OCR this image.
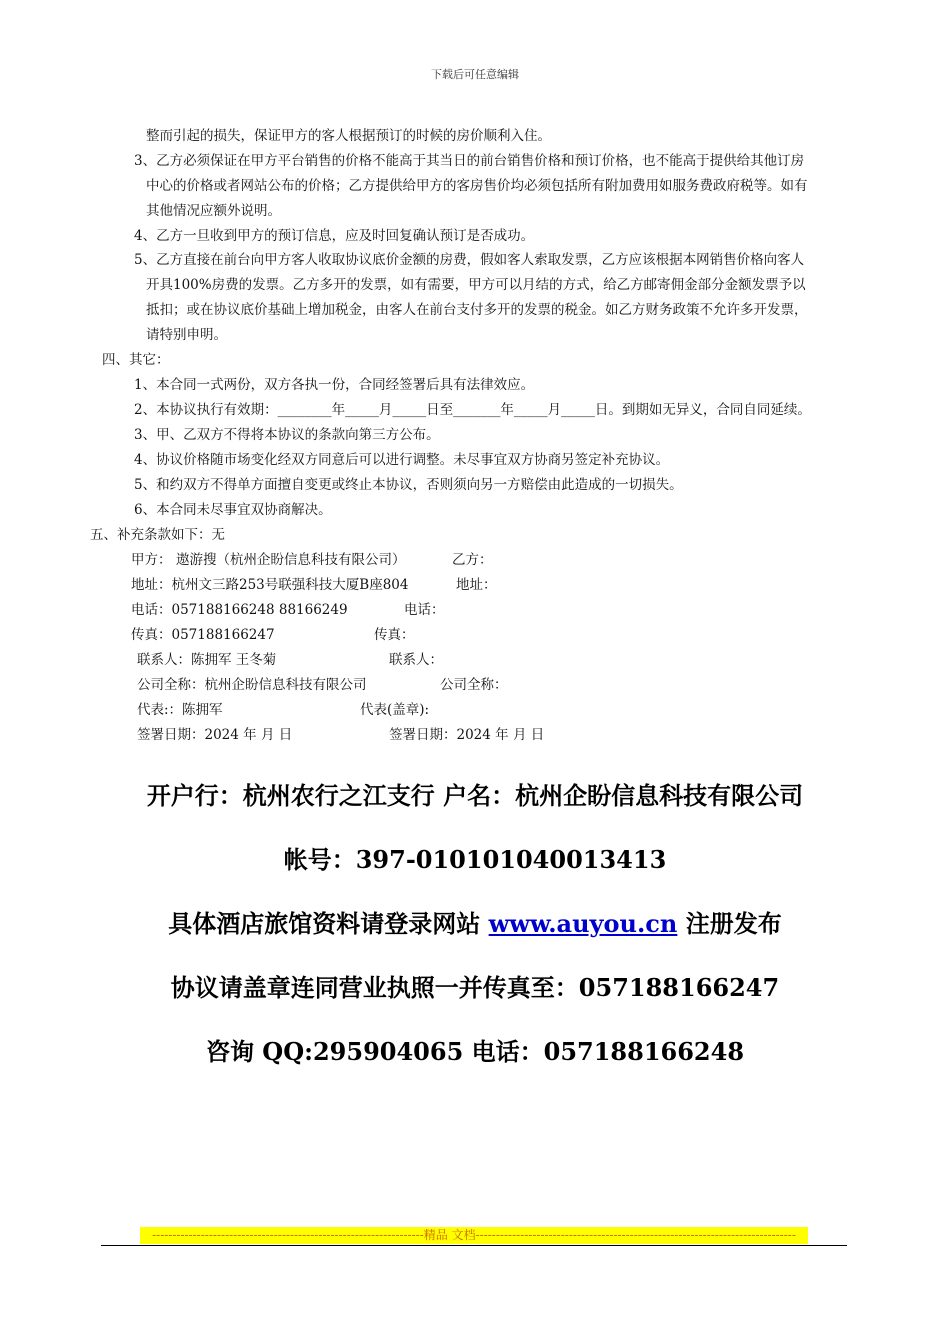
下载后可任意编辑
整而引起的损失，保证甲方的客人根据预订的时候的房价顺利入住。
3、乙方必须保证在甲方平台销售的价格不能高于其当日的前台销售价格和预订价格，也不能高于提供给其他订房
中心的价格或者网站公布的价格；乙方提供给甲方的客房售价均必须包括所有附加费用如服务费政府税等。如有
其他情况应额外说明。
4、乙方一旦收到甲方的预订信息，应及时回复确认预订是否成功。
5、乙方直接在前台向甲方客人收取协议底价金额的房费，假如客人索取发票，乙方应该根据本网销售价格向客人
开具100%房费的发票。乙方多开的发票，如有需要，甲方可以月结的方式，给乙方邮寄佣金部分金额发票予以
抵扣；或在协议底价基础上增加税金，由客人在前台支付多开的发票的税金。如乙方财务政策不允许多开发票，
请特别申明。
四、其它：
1、本合同一式两份，双方各执一份，合同经签署后具有法律效应。
2、本协议执行有效期：________年_____月_____日至_______年_____月_____日。到期如无异义，合同自同延续。
3、甲、乙双方不得将本协议的条款向第三方公布。
4、协议价格随市场变化经双方同意后可以进行调整。未尽事宜双方协商另签定补充协议。
5、和约双方不得单方面擅自变更或终止本协议，否则须向另一方赔偿由此造成的一切损失。
6、本合同未尽事宜双协商解决。
五、补充条款如下：无
甲方： 遨游搜（杭州企盼信息科技有限公司）	乙方：
地址：杭州文三路253号联强科技大厦B座804	地址：
电话：057188166248 88166249	电话：
传真：057188166247	传真：
联系人：陈拥军 王冬菊	联系人：
公司全称：杭州企盼信息科技有限公司	公司全称：
代表:：陈拥军	代表(盖章):
签署日期：2024 年 月 日	签署日期：2024 年 月 日
开户行：杭州农行之江支行 户名：杭州企盼信息科技有限公司
帐号：397-010101040013413
具体酒店旅馆资料请登录网站 www.auyou.cn 注册发布
协议请盖章连同营业执照一并传真至：057188166247
咨询 QQ:295904065 电话：057188166248
-------------------------------------------------------------------精品 文档-------------------------------------------------------------------------------
